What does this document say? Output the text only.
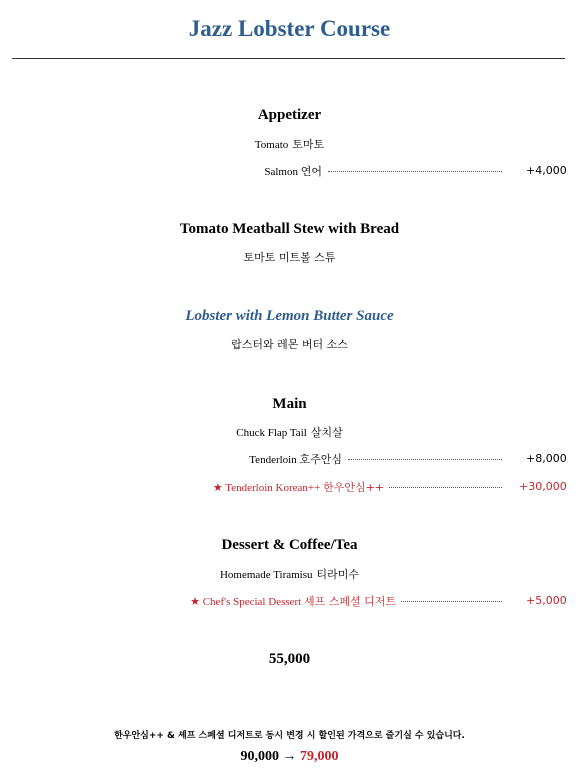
Jazz Lobster Course
Appetizer
Tomato 토마토
Salmon 연어	+4,000
Tomato Meatball Stew with Bread
토마토 미트볼 스튜
Lobster with Lemon Butter Sauce
랍스터와 레몬 버터 소스
Main
Chuck Flap Tail 살치살
Tenderloin 호주안심	+8,000
★ Tenderloin Korean++ 한우안심++	+30,000
Dessert & Coffee/Tea
Homemade Tiramisu 티라미수
★ Chef's Special Dessert 셰프 스페셜 디저트	+5,000
55,000
한우안심++ & 셰프 스페셜 디저트로 동시 변경 시 할인된 가격으로 즐기실 수 있습니다.
90,000 → 79,000
